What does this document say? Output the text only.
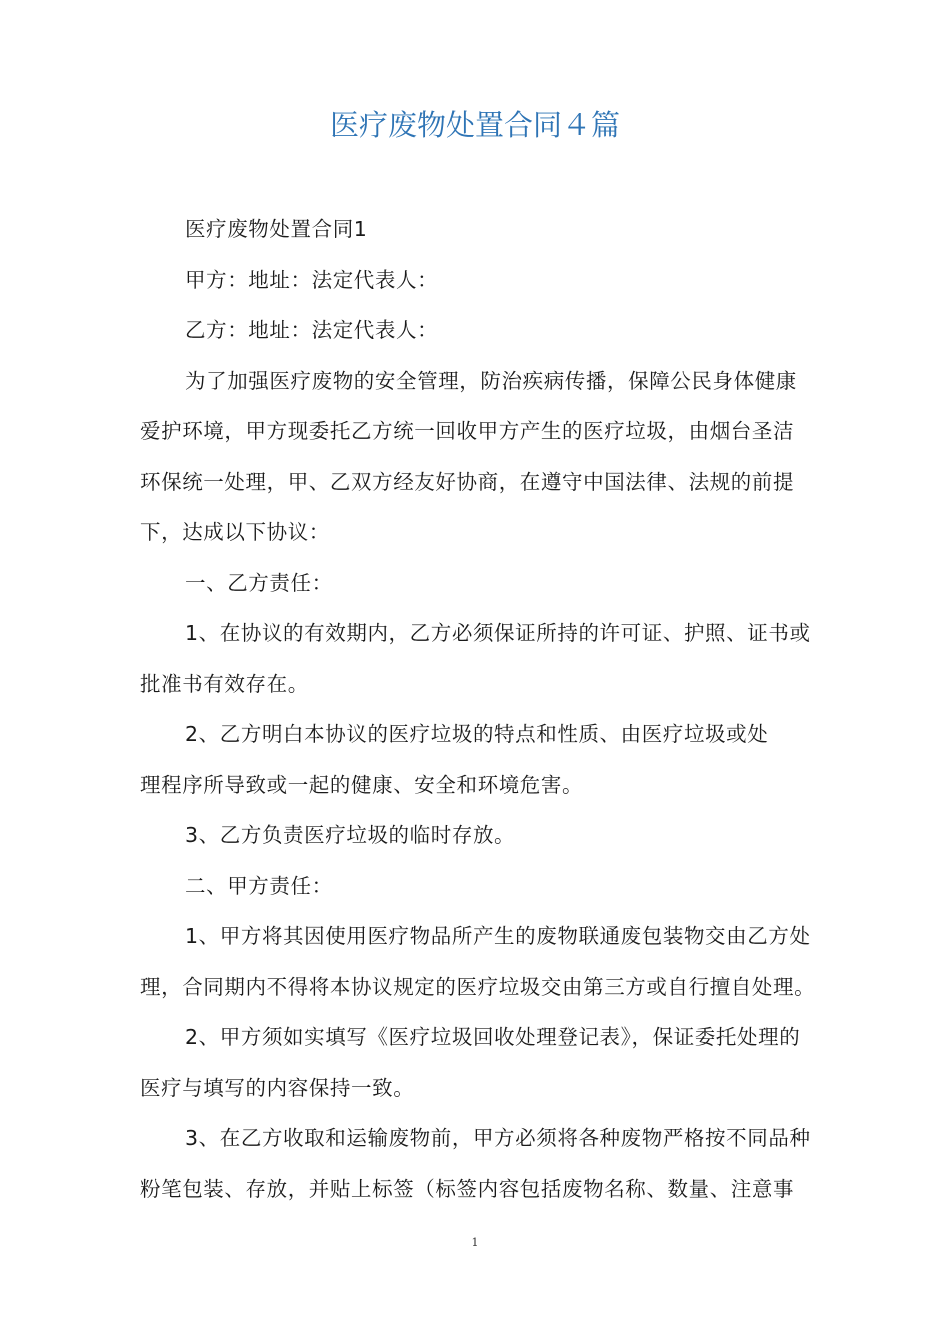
医疗废物处置合同４篇

医疗废物处置合同1

甲方：地址：法定代表人：

乙方：地址：法定代表人：

为了加强医疗废物的安全管理，防治疾病传播，保障公民身体健康
爱护环境，甲方现委托乙方统一回收甲方产生的医疗垃圾，由烟台圣洁
环保统一处理，甲、乙双方经友好协商，在遵守中国法律、法规的前提
下，达成以下协议：

一、乙方责任：

1、在协议的有效期内，乙方必须保证所持的许可证、护照、证书或
批准书有效存在。

2、乙方明白本协议的医疗垃圾的特点和性质、由医疗垃圾或处
理程序所导致或一起的健康、安全和环境危害。

3、乙方负责医疗垃圾的临时存放。

二、甲方责任：

1、甲方将其因使用医疗物品所产生的废物联通废包装物交由乙方处
理，合同期内不得将本协议规定的医疗垃圾交由第三方或自行擅自处理。

2、甲方须如实填写《医疗垃圾回收处理登记表》，保证委托处理的
医疗与填写的内容保持一致。

3、在乙方收取和运输废物前，甲方必须将各种废物严格按不同品种
粉笔包装、存放，并贴上标签（标签内容包括废物名称、数量、注意事

1
